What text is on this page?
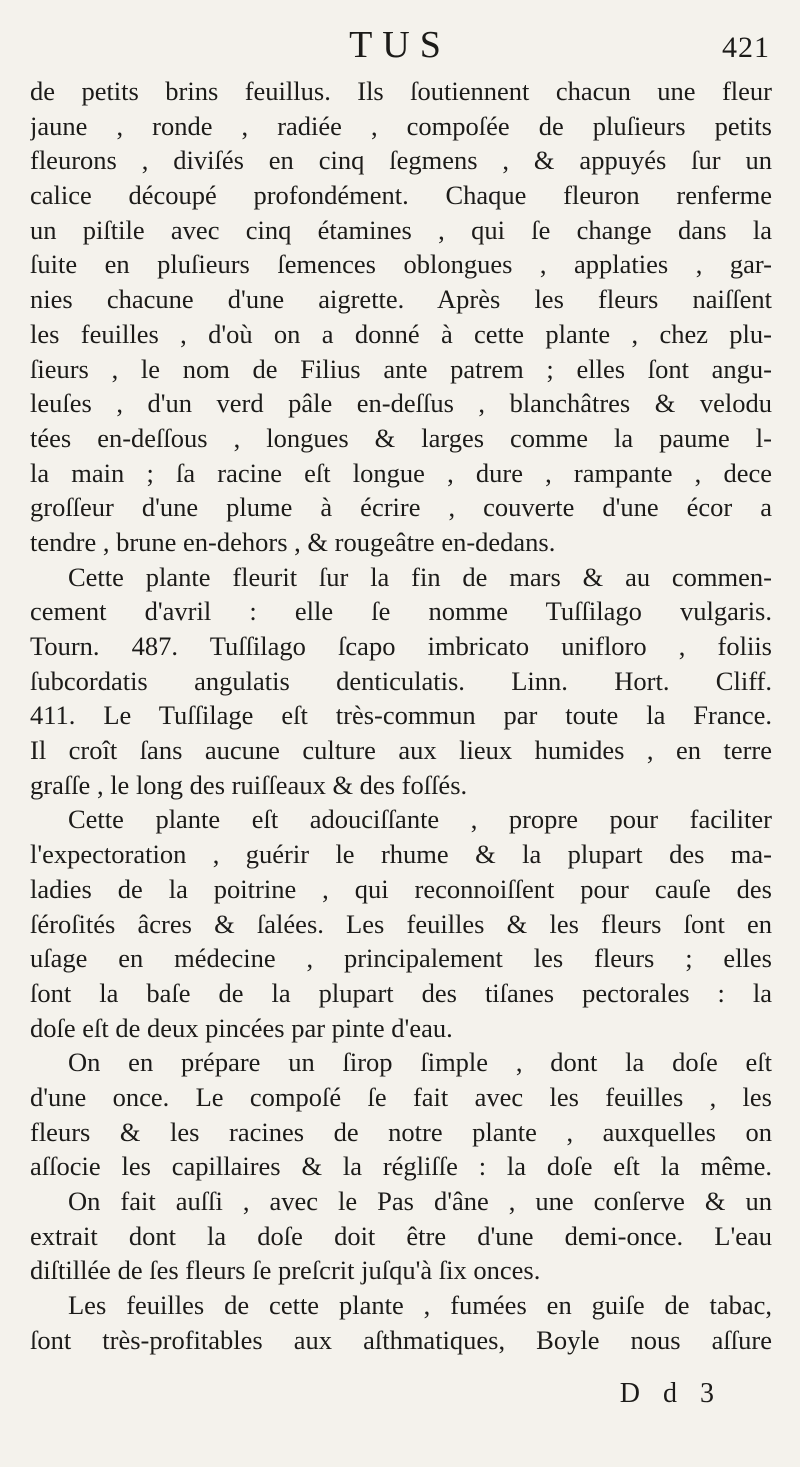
TUS	421
de petits brins feuillus. Ils ſoutiennent chacun une fleur
jaune , ronde , radiée , compoſée de pluſieurs petits
fleurons , diviſés en cinq ſegmens , & appuyés ſur un
calice découpé profondément. Chaque fleuron renferme
un piſtile avec cinq étamines , qui ſe change dans la
ſuite en pluſieurs ſemences oblongues , applaties , gar-
nies chacune d'une aigrette. Après les fleurs naiſſent
les feuilles , d'où on a donné à cette plante , chez plu-
ſieurs , le nom de Filius ante patrem ; elles ſont angu-
leuſes , d'un verd pâle en-deſſus , blanchâtres & velodu
tées en-deſſous , longues & larges comme la paume l-
la main ; ſa racine eſt longue , dure , rampante , dece
groſſeur d'une plume à écrire , couverte d'une écor a
tendre , brune en-dehors , & rougeâtre en-dedans.
Cette plante fleurit ſur la fin de mars & au commen-
cement d'avril : elle ſe nomme Tuſſilago vulgaris.
Tourn. 487. Tuſſilago ſcapo imbricato unifloro , foliis
ſubcordatis angulatis denticulatis. Linn. Hort. Cliff.
411. Le Tuſſilage eſt très-commun par toute la France.
Il croît ſans aucune culture aux lieux humides , en terre
graſſe , le long des ruiſſeaux & des foſſés.
Cette plante eſt adouciſſante , propre pour faciliter
l'expectoration , guérir le rhume & la plupart des ma-
ladies de la poitrine , qui reconnoiſſent pour cauſe des
ſéroſités âcres & ſalées. Les feuilles & les fleurs ſont en
uſage en médecine , principalement les fleurs ; elles
ſont la baſe de la plupart des tiſanes pectorales : la
doſe eſt de deux pincées par pinte d'eau.
On en prépare un ſirop ſimple , dont la doſe eſt
d'une once. Le compoſé ſe fait avec les feuilles , les
fleurs & les racines de notre plante , auxquelles on
aſſocie les capillaires & la régliſſe : la doſe eſt la même.
On fait auſſi , avec le Pas d'âne , une conſerve & un
extrait dont la doſe doit être d'une demi-once. L'eau
diſtillée de ſes fleurs ſe preſcrit juſqu'à ſix onces.
Les feuilles de cette plante , fumées en guiſe de tabac,
ſont très-profitables aux aſthmatiques, Boyle nous aſſure
D d 3
